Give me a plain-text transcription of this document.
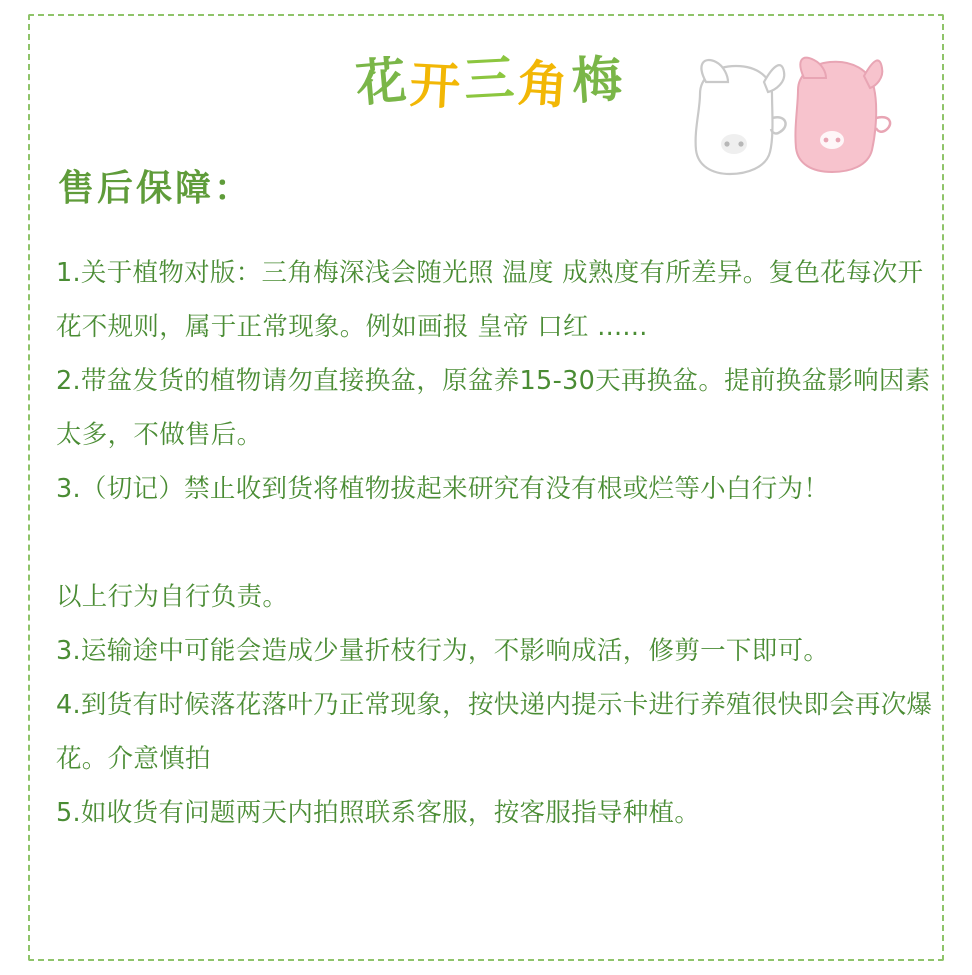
花开三角梅
售后保障：

1.关于植物对版：三角梅深浅会随光照 温度 成熟度有所差异。复色花每次开花不规则，属于正常现象。例如画报 皇帝 口红 ......

2.带盆发货的植物请勿直接换盆，原盆养15-30天再换盆。提前换盆影响因素太多，不做售后。

3.（切记）禁止收到货将植物拔起来研究有没有根或烂等小白行为！

以上行为自行负责。

3.运输途中可能会造成少量折枝行为，不影响成活，修剪一下即可。

4.到货有时候落花落叶乃正常现象，按快递内提示卡进行养殖很快即会再次爆花。介意慎拍

5.如收货有问题两天内拍照联系客服，按客服指导种植。
